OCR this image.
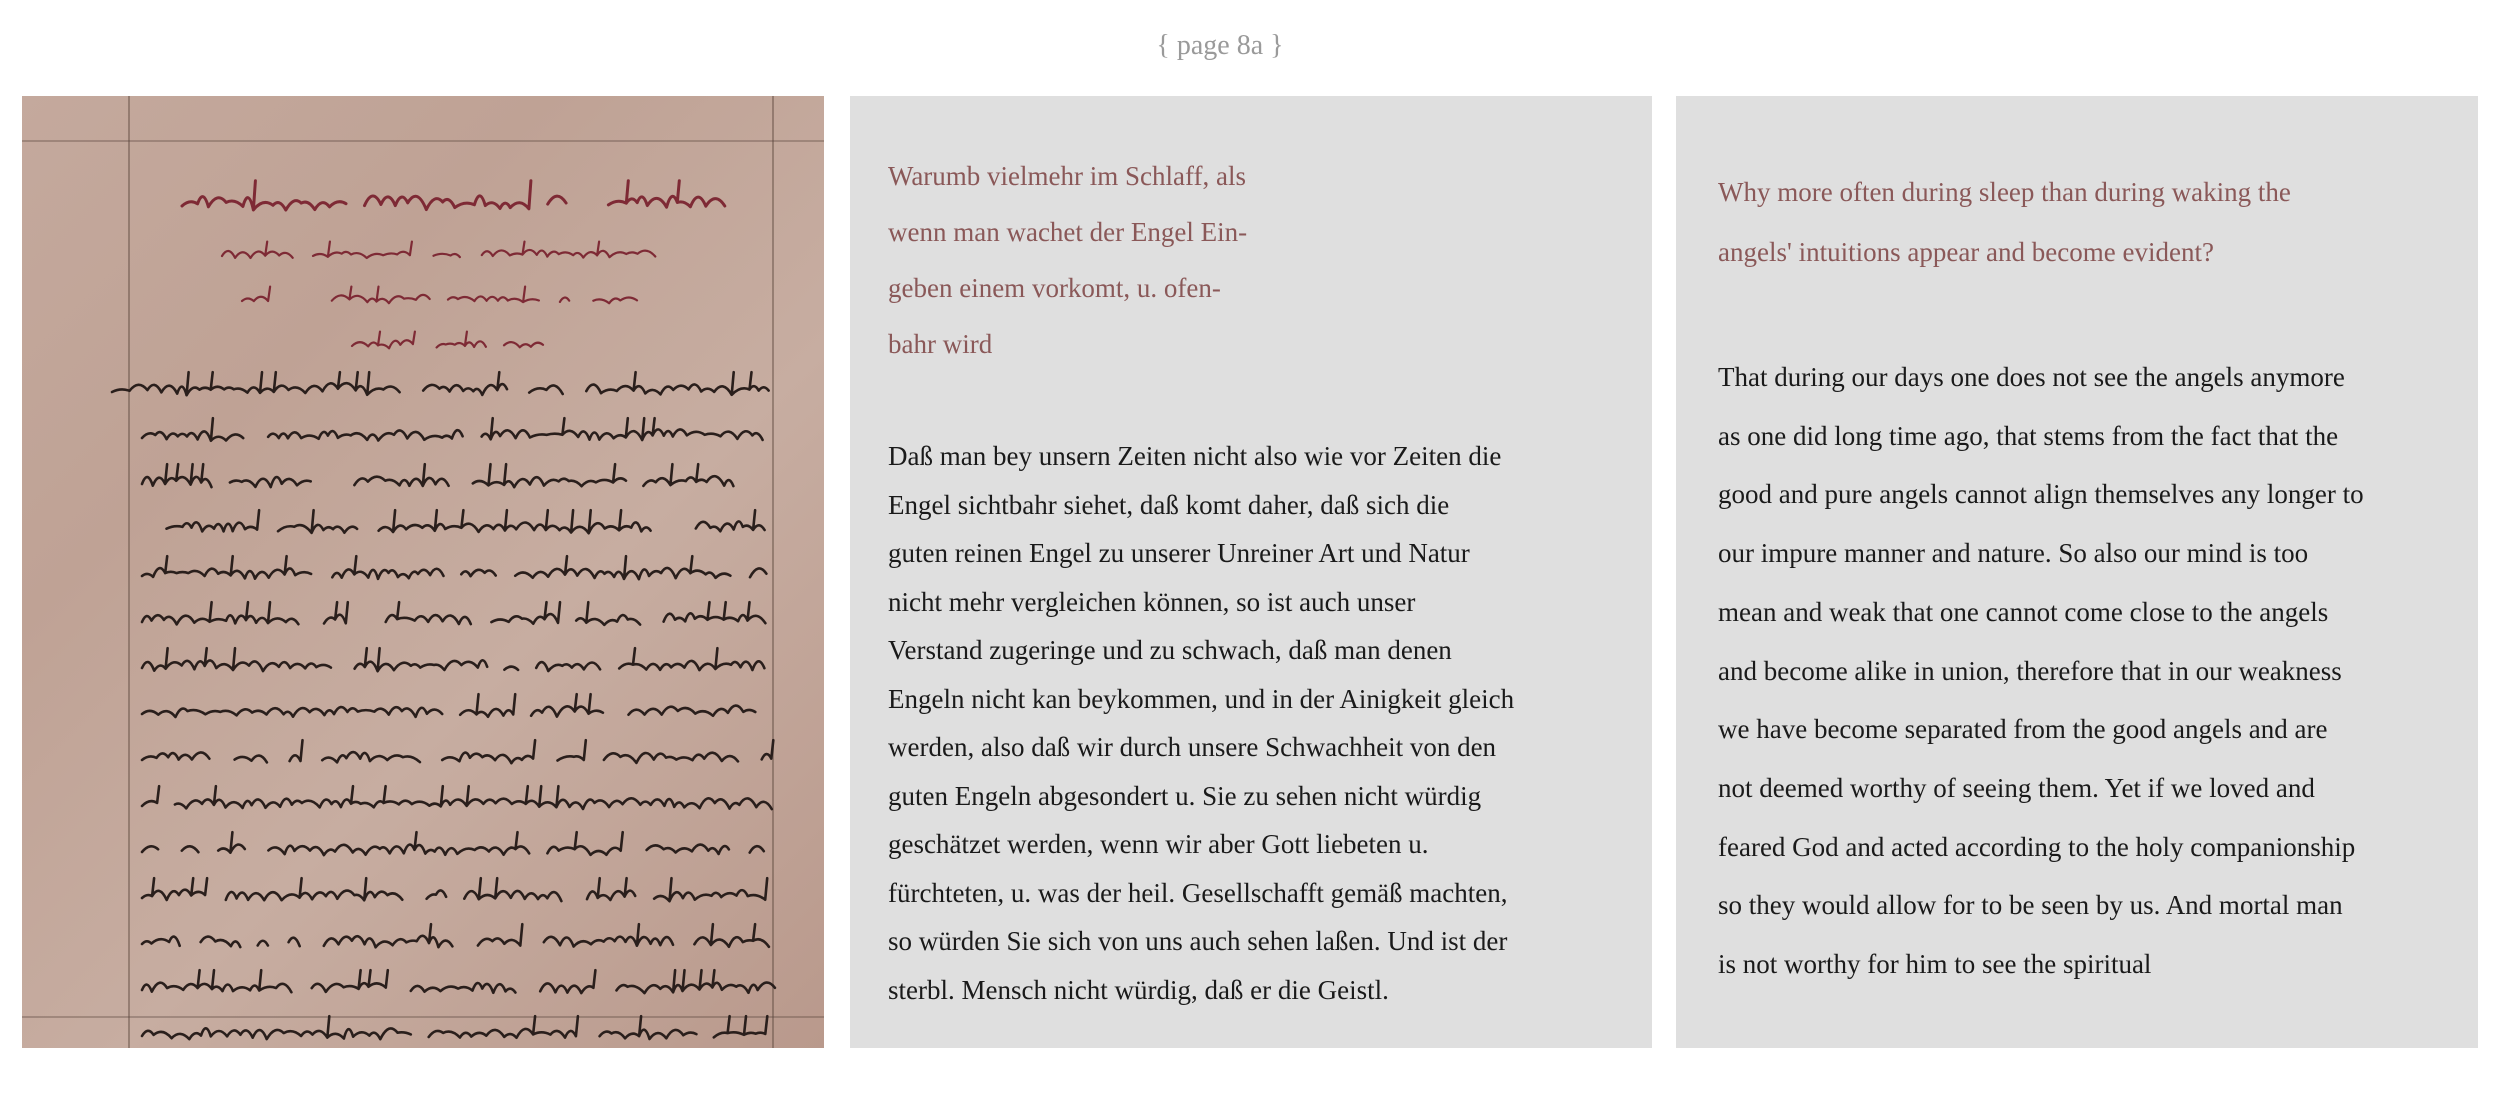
{ page 8a }
Warumb vielmehr im Schlaff, als
wenn man wachet der Engel Ein-
geben einem vorkomt, u. ofen-
bahr wird
Daß man bey unsern Zeiten nicht also wie vor Zeiten die
Engel sichtbahr siehet, daß komt daher, daß sich die
guten reinen Engel zu unserer Unreiner Art und Natur
nicht mehr vergleichen können, so ist auch unser
Verstand zugeringe und zu schwach, daß man denen
Engeln nicht kan beykommen, und in der Ainigkeit gleich
werden, also daß wir durch unsere Schwachheit von den
guten Engeln abgesondert u. Sie zu sehen nicht würdig
geschätzet werden, wenn wir aber Gott liebeten u.
fürchteten, u. was der heil. Gesellschafft gemäß machten,
so würden Sie sich von uns auch sehen laßen. Und ist der
sterbl. Mensch nicht würdig, daß er die Geistl.
Why more often during sleep than during waking the
angels' intuitions appear and become evident?
That during our days one does not see the angels anymore
as one did long time ago, that stems from the fact that the
good and pure angels cannot align themselves any longer to
our impure manner and nature. So also our mind is too
mean and weak that one cannot come close to the angels
and become alike in union, therefore that in our weakness
we have become separated from the good angels and are
not deemed worthy of seeing them. Yet if we loved and
feared God and acted according to the holy companionship
so they would allow for to be seen by us. And mortal man
is not worthy for him to see the spiritual
